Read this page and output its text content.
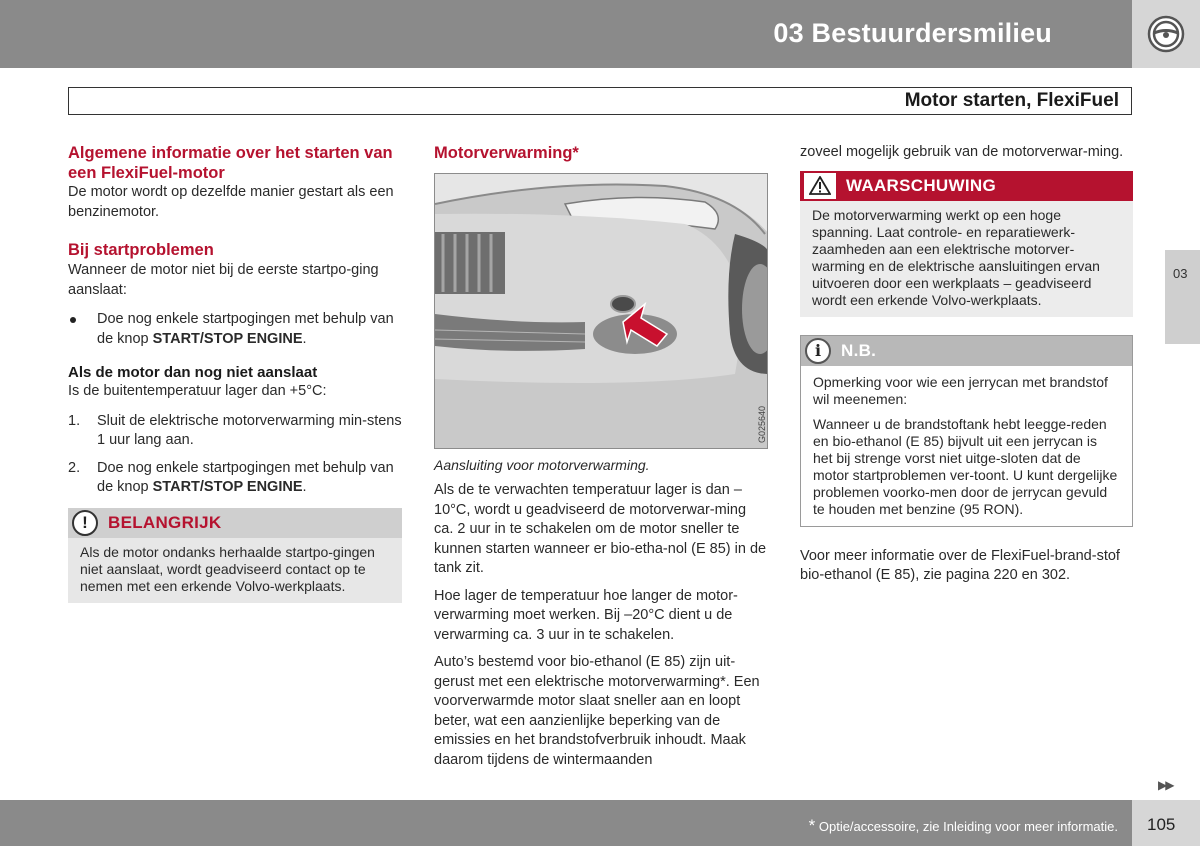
03 Bestuurdersmilieu
Motor starten, FlexiFuel
03
Algemene informatie over het starten van een FlexiFuel-motor

De motor wordt op dezelfde manier gestart als een benzinemotor.

Bij startproblemen

Wanneer de motor niet bij de eerste startpo-ging aanslaat:

Doe nog enkele startpogingen met behulp van de knop START/STOP ENGINE.
Als de motor dan nog niet aanslaat

Is de buitentemperatuur lager dan +5°C:

1.	Sluit de elektrische motorverwarming min-stens 1 uur lang aan.
2.	Doe nog enkele startpogingen met behulp van de knop START/STOP ENGINE.
!	BELANGRIJK
Als de motor ondanks herhaalde startpo-gingen niet aanslaat, wordt geadviseerd contact op te nemen met een erkende Volvo-werkplaats.
Motorverwarming*
G025640

Aansluiting voor motorverwarming.

Als de te verwachten temperatuur lager is dan –10°C, wordt u geadviseerd de motorverwar-ming ca. 2 uur in te schakelen om de motor sneller te kunnen starten wanneer er bio-etha-nol (E 85) in de tank zit.

Hoe lager de temperatuur hoe langer de motor-verwarming moet werken. Bij –20°C dient u de verwarming ca. 3 uur in te schakelen.

Auto’s bestemd voor bio-ethanol (E 85) zijn uit-gerust met een elektrische motorverwarming*. Een voorverwarmde motor slaat sneller aan en loopt beter, wat een aanzienlijke beperking van de emissies en het brandstofverbruik inhoudt. Maak daarom tijdens de wintermaanden

zoveel mogelijk gebruik van de motorverwar-ming.

WAARSCHUWING
De motorverwarming werkt op een hoge spanning. Laat controle- en reparatiewerk-zaamheden aan een elektrische motorver-warming en de elektrische aansluitingen ervan uitvoeren door een werkplaats – geadviseerd wordt een erkende Volvo-werkplaats.
i	N.B.

Opmerking voor wie een jerrycan met brandstof wil meenemen:

Wanneer u de brandstoftank hebt leegge-reden en bio-ethanol (E 85) bijvult uit een jerrycan is het bij strenge vorst niet uitge-sloten dat de motor startproblemen ver-toont. U kunt dergelijke problemen voorko-men door de jerrycan gevuld te houden met benzine (95 RON).

Voor meer informatie over de FlexiFuel-brand-stof bio-ethanol (E 85), zie pagina 220 en 302.

▶▶
* Optie/accessoire, zie Inleiding voor meer informatie. 105
